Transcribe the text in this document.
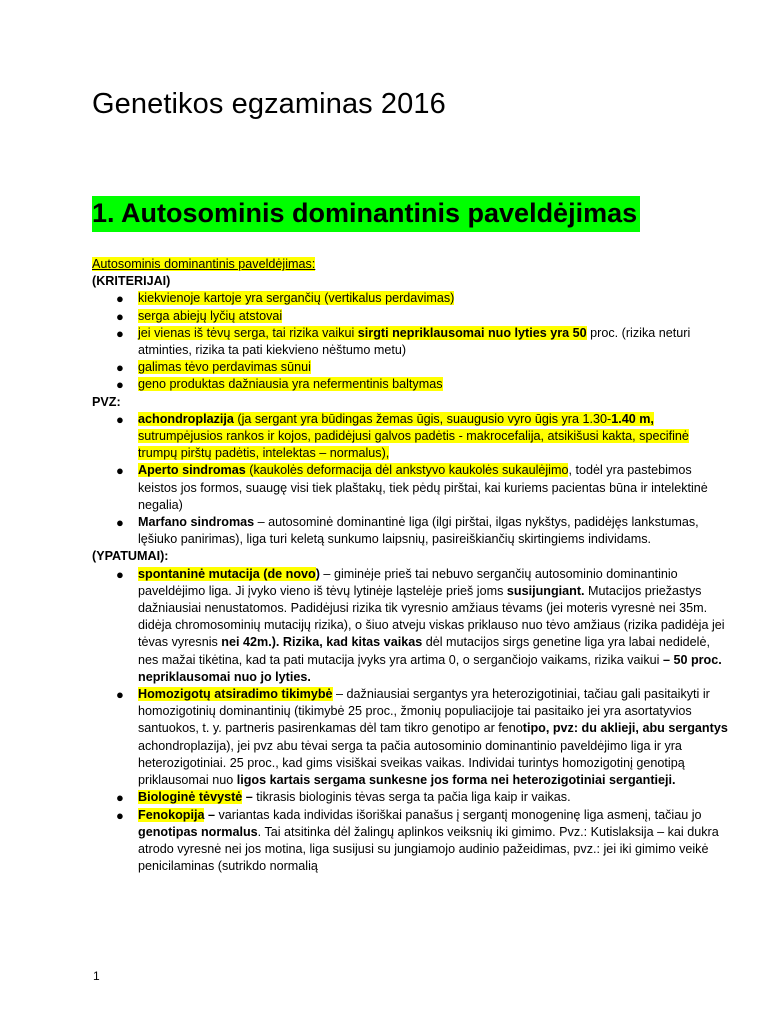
Genetikos egzaminas 2016
1. Autosominis dominantinis paveldėjimas

Autosominis dominantinis paveldėjimas:

(KRITERIJAI)

● kiekvienoje kartoje yra sergančių (vertikalus perdavimas)
● serga abiejų lyčių atstovai
● jei vienas iš tėvų serga, tai rizika vaikui sirgti nepriklausomai nuo lyties yra 50 proc. (rizika neturi atminties, rizika ta pati kiekvieno nėštumo metu)
● galimas tėvo perdavimas sūnui
● geno produktas dažniausia yra nefermentinis baltymas

PVZ:

● achondroplazija (ja sergant yra būdingas žemas ūgis, suaugusio vyro ūgis yra 1.30-1.40 m, sutrumpėjusios rankos ir kojos, padidėjusi galvos padėtis - makrocefalija, atsikišusi kakta, specifinė trumpų pirštų padėtis, intelektas – normalus),
● Aperto sindromas (kaukolės deformacija dėl ankstyvo kaukolės sukaulėjimo, todėl yra pastebimos keistos jos formos, suaugę visi tiek plaštakų, tiek pėdų pirštai, kai kuriems pacientas būna ir intelektinė negalia)
● Marfano sindromas – autosominė dominantinė liga (ilgi pirštai, ilgas nykštys, padidėjęs lankstumas, lęšiuko panirimas), liga turi keletą sunkumo laipsnių, pasireiškiančių skirtingiems individams.

(YPATUMAI):

● spontaninė mutacija (de novo) – giminėje prieš tai nebuvo sergančių autosominio dominantinio paveldėjimo liga. Ji įvyko vieno iš tėvų lytinėje ląstelėje prieš joms susijungiant. Mutacijos priežastys dažniausiai nenustatomos. Padidėjusi rizika tik vyresnio amžiaus tėvams (jei moteris vyresnė nei 35m. didėja chromosominių mutacijų rizika), o šiuo atveju viskas priklauso nuo tėvo amžiaus (rizika padidėja jei tėvas vyresnis nei 42m.). Rizika, kad kitas vaikas dėl mutacijos sirgs genetine liga yra labai nedidelė, nes mažai tikėtina, kad ta pati mutacija įvyks yra artima 0, o sergančiojo vaikams, rizika vaikui – 50 proc. nepriklausomai nuo jo lyties.
● Homozigotų atsiradimo tikimybė – dažniausiai sergantys yra heterozigotiniai, tačiau gali pasitaikyti ir homozigotinių dominantinių (tikimybė 25 proc., žmonių populiacijoje tai pasitaiko jei yra asortatyvios santuokos, t. y. partneris pasirenkamas dėl tam tikro genotipo ar fenotipo, pvz: du aklieji, abu sergantys achondroplazija), jei pvz abu tėvai serga ta pačia autosominio dominantinio paveldėjimo liga ir yra heterozigotiniai. 25 proc., kad gims visiškai sveikas vaikas. Individai turintys homozigotinį genotipą priklausomai nuo ligos kartais sergama sunkesne jos forma nei heterozigotiniai sergantieji.
● Biologinė tėvystė – tikrasis biologinis tėvas serga ta pačia liga kaip ir vaikas.
● Fenokopija – variantas kada individas išoriškai panašus į sergantį monogeninę liga asmenį, tačiau jo genotipas normalus. Tai atsitinka dėl žalingų aplinkos veiksnių iki gimimo. Pvz.: Kutislaksija – kai dukra atrodo vyresnė nei jos motina, liga susijusi su jungiamojo audinio pažeidimas, pvz.: jei iki gimimo veikė penicilaminas (sutrikdo normalią
1
